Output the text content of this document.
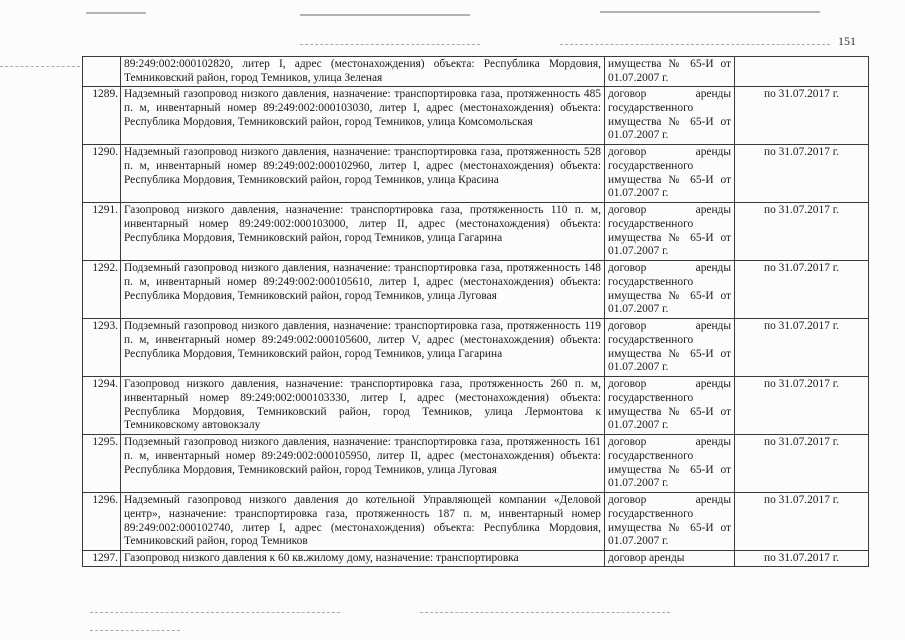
151
	89:249:002:000102820, литер I, адрес (местонахождения) объекта: Республика Мордовия, Темниковский район, город Темников, улица Зеленая	имущества № 65-И от 01.07.2007 г.	
1289.	Надземный газопровод низкого давления, назначение: транспортировка газа, протяженность 485 п. м, инвентарный номер 89:249:002:000103030, литер I, адрес (местонахождения) объекта: Республика Мордовия, Темниковский район, город Темников, улица Комсомольская	договор аренды государственного имущества № 65-И от 01.07.2007 г.	по 31.07.2017 г.
1290.	Надземный газопровод низкого давления, назначение: транспортировка газа, протяженность 528 п. м, инвентарный номер 89:249:002:000102960, литер I, адрес (местонахождения) объекта: Республика Мордовия, Темниковский район, город Темников, улица Красина	договор аренды государственного имущества № 65-И от 01.07.2007 г.	по 31.07.2017 г.
1291.	Газопровод низкого давления, назначение: транспортировка газа, протяженность 110 п. м, инвентарный номер 89:249:002:000103000, литер II, адрес (местонахождения) объекта: Республика Мордовия, Темниковский район, город Темников, улица Гагарина	договор аренды государственного имущества № 65-И от 01.07.2007 г.	по 31.07.2017 г.
1292.	Подземный газопровод низкого давления, назначение: транспортировка газа, протяженность 148 п. м, инвентарный номер 89:249:002:000105610, литер I, адрес (местонахождения) объекта: Республика Мордовия, Темниковский район, город Темников, улица Луговая	договор аренды государственного имущества № 65-И от 01.07.2007 г.	по 31.07.2017 г.
1293.	Подземный газопровод низкого давления, назначение: транспортировка газа, протяженность 119 п. м, инвентарный номер 89:249:002:000105600, литер V, адрес (местонахождения) объекта: Республика Мордовия, Темниковский район, город Темников, улица Гагарина	договор аренды государственного имущества № 65-И от 01.07.2007 г.	по 31.07.2017 г.
1294.	Газопровод низкого давления, назначение: транспортировка газа, протяженность 260 п. м, инвентарный номер 89:249:002:000103330, литер I, адрес (местонахождения) объекта: Республика Мордовия, Темниковский район, город Темников, улица Лермонтова к Темниковскому автовокзалу	договор аренды государственного имущества № 65-И от 01.07.2007 г.	по 31.07.2017 г.
1295.	Подземный газопровод низкого давления, назначение: транспортировка газа, протяженность 161 п. м, инвентарный номер 89:249:002:000105950, литер II, адрес (местонахождения) объекта: Республика Мордовия, Темниковский район, город Темников, улица Луговая	договор аренды государственного имущества № 65-И от 01.07.2007 г.	по 31.07.2017 г.
1296.	Надземный газопровод низкого давления до котельной Управляющей компании «Деловой центр», назначение: транспортировка газа, протяженность 187 п. м, инвентарный номер 89:249:002:000102740, литер I, адрес (местонахождения) объекта: Республика Мордовия, Темниковский район, город Темников	договор аренды государственного имущества № 65-И от 01.07.2007 г.	по 31.07.2017 г.
1297.	Газопровод низкого давления к 60 кв.жилому дому, назначение: транспортировка	договор аренды	по 31.07.2017 г.
